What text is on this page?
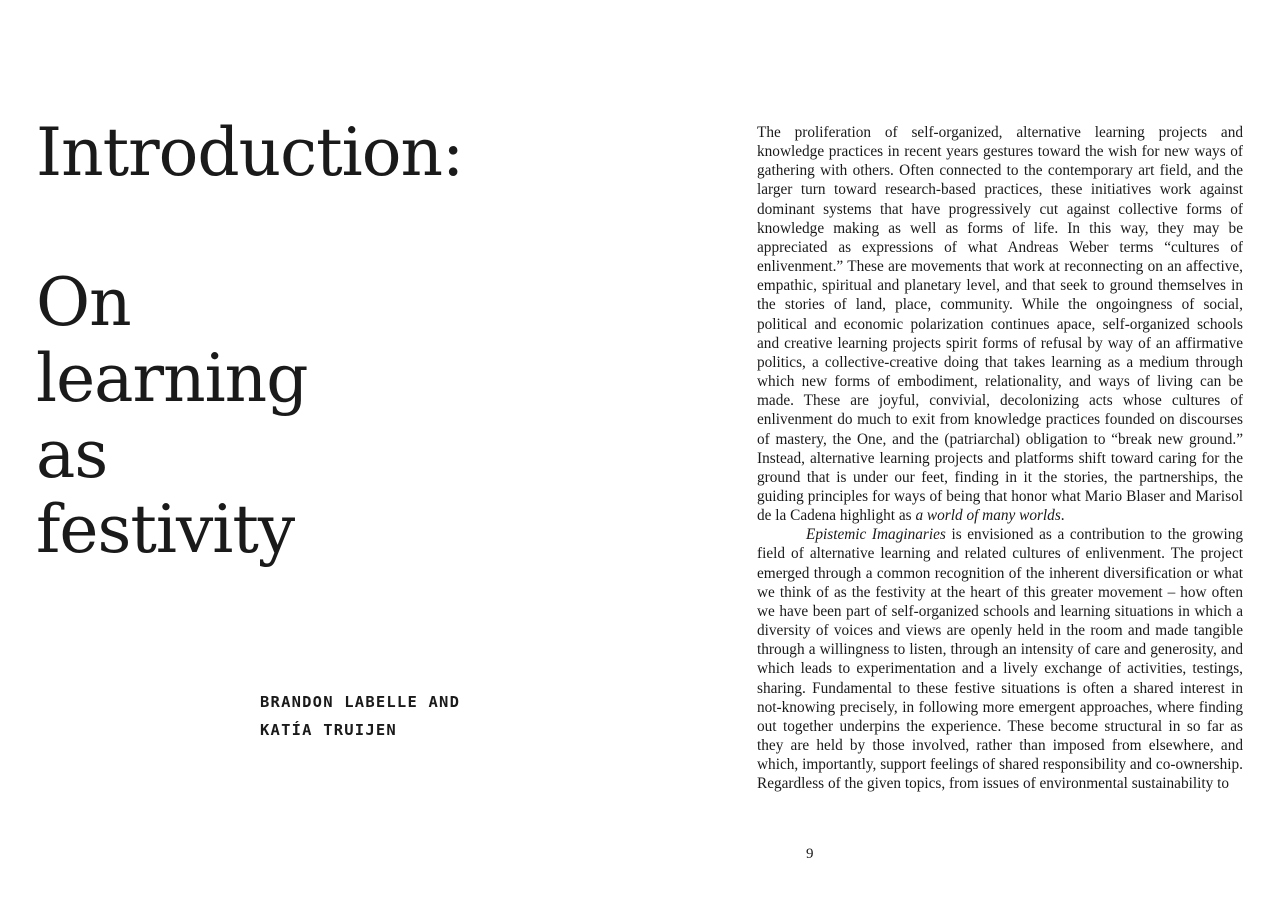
Introduction:
On
learning
as
festivity
BRANDON LABELLE AND
KATÍA TRUIJEN

The proliferation of self-organized, alternative learning projects and knowledge practices in recent years gestures toward the wish for new ways of gathering with others. Often connected to the contemporary art field, and the larger turn toward research-based practices, these initiatives work against dominant systems that have progressively cut against collective forms of knowledge making as well as forms of life. In this way, they may be appreciated as expressions of what Andreas Weber terms “cultures of enlivenment.” These are movements that work at reconnecting on an affective, empathic, spiritual and planetary level, and that seek to ground themselves in the stories of land, place, community. While the ongoingness of social, political and economic polarization continues apace, self-organized schools and creative learning projects spirit forms of refusal by way of an affirmative politics, a collective-creative doing that takes learning as a medium through which new forms of embodiment, relationality, and ways of living can be made. These are joyful, convivial, decolonizing acts whose cultures of enlivenment do much to exit from knowledge practices founded on discourses of mastery, the One, and the (patriarchal) obligation to “break new ground.” Instead, alternative learning projects and platforms shift toward caring for the ground that is under our feet, finding in it the stories, the partnerships, the guiding principles for ways of being that honor what Mario Blaser and Marisol de la Cadena highlight as a world of many worlds.

Epistemic Imaginaries is envisioned as a contribution to the growing field of alternative learning and related cultures of enlivenment. The project emerged through a common recognition of the inherent diversification or what we think of as the festivity at the heart of this greater movement – how often we have been part of self-organized schools and learning situations in which a diversity of voices and views are openly held in the room and made tangible through a willingness to listen, through an intensity of care and generosity, and which leads to experimentation and a lively exchange of activities, testings, sharing. Fundamental to these festive situations is often a shared interest in not-knowing precisely, in following more emergent approaches, where finding out together underpins the experience. These become structural in so far as they are held by those involved, rather than imposed from elsewhere, and which, importantly, support feelings of shared responsibility and co-ownership. Regardless of the given topics, from issues of environmental sustainability to

9
